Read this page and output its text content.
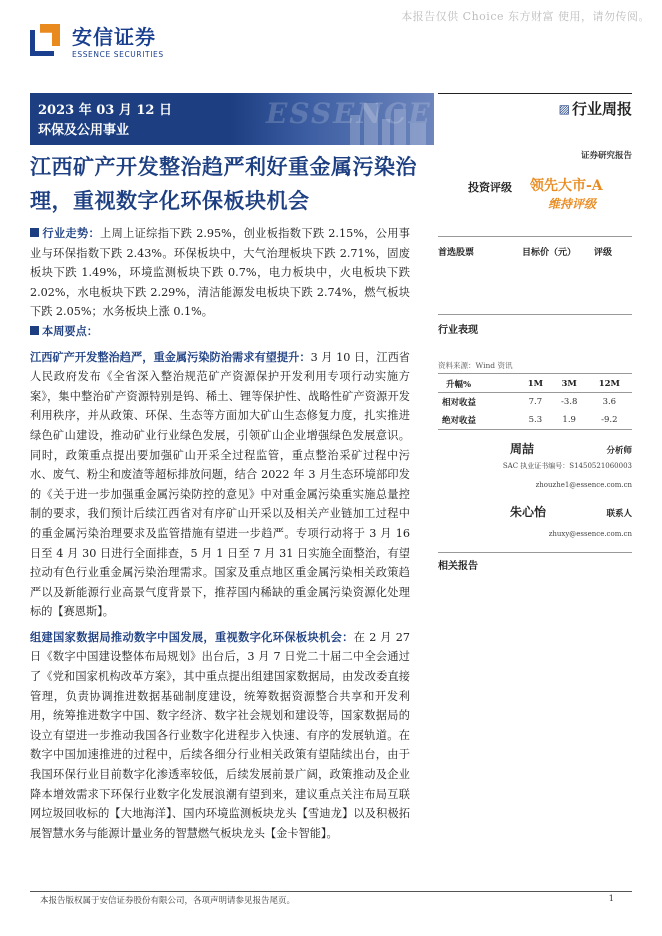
本报告仅供 Choice 东方财富 使用，请勿传阅。
安信证券
ESSENCE SECURITIES
ESSENCE
2023 年 03 月 12 日
环保及公用事业
江西矿产开发整治趋严利好重金属污染治理，重视数字化环保板块机会

行业走势：上周上证综指下跌 2.95%，创业板指数下跌 2.15%，公用事业与环保指数下跌 2.43%。环保板块中，大气治理板块下跌 2.71%，固废板块下跌 1.49%，环境监测板块下跌 0.7%，电力板块中，火电板块下跌 2.02%，水电板块下跌 2.29%，清洁能源发电板块下跌 2.74%，燃气板块下跌 2.05%；水务板块上涨 0.1%。

本周要点：

江西矿产开发整治趋严，重金属污染防治需求有望提升：3 月 10 日，江西省人民政府发布《全省深入整治规范矿产资源保护开发利用专项行动实施方案》，集中整治矿产资源特别是钨、稀土、锂等保护性、战略性矿产资源开发利用秩序，并从政策、环保、生态等方面加大矿山生态修复力度，扎实推进绿色矿山建设，推动矿业行业绿色发展，引领矿山企业增强绿色发展意识。同时，政策重点提出要加强矿山开采全过程监管，重点整治采矿过程中污水、废气、粉尘和废渣等超标排放问题，结合 2022 年 3 月生态环境部印发的《关于进一步加强重金属污染防控的意见》中对重金属污染重实施总量控制的要求，我们预计后续江西省对有序矿山开采以及相关产业链加工过程中的重金属污染治理要求及监管措施有望进一步趋严。专项行动将于 3 月 16 日至 4 月 30 日进行全面排查，5 月 1 日至 7 月 31 日实施全面整治，有望拉动有色行业重金属污染治理需求。国家及重点地区重金属污染相关政策趋严以及新能源行业高景气度背景下，推荐国内稀缺的重金属污染资源化处理标的【赛恩斯】。

组建国家数据局推动数字中国发展，重视数字化环保板块机会：在 2 月 27 日《数字中国建设整体布局规划》出台后，3 月 7 日党二十届二中全会通过了《党和国家机构改革方案》，其中重点提出组建国家数据局，由发改委直接管理，负责协调推进数据基础制度建设，统筹数据资源整合共享和开发利用，统筹推进数字中国、数字经济、数字社会规划和建设等，国家数据局的设立有望进一步推动我国各行业数字化进程步入快速、有序的发展轨道。在数字中国加速推进的过程中，后续各细分行业相关政策有望陆续出台，由于我国环保行业目前数字化渗透率较低，后续发展前景广阔，政策推动及企业降本增效需求下环保行业数字化发展浪潮有望到来，建议重点关注布局互联网垃圾回收标的【大地海洋】、国内环境监测板块龙头【雪迪龙】以及积极拓展智慧水务与能源计量业务的智慧燃气板块龙头【金卡智能】。

▨ 行业周报
证券研究报告
投资评级 领先大市-A
维持评级
首选股票	目标价（元）	评级
行业表现
资料来源：Wind 资讯
升幅%	1M	3M	12M
相对收益	7.7	-3.8	3.6
绝对收益	5.3	1.9	-9.2
周喆	分析师
SAC 执业证书编号：S1450521060003
zhouzhe1@essence.com.cn
朱心怡	联系人
zhuxy@essence.com.cn
相关报告
本报告版权属于安信证券股份有限公司，各项声明请参见报告尾页。	1
